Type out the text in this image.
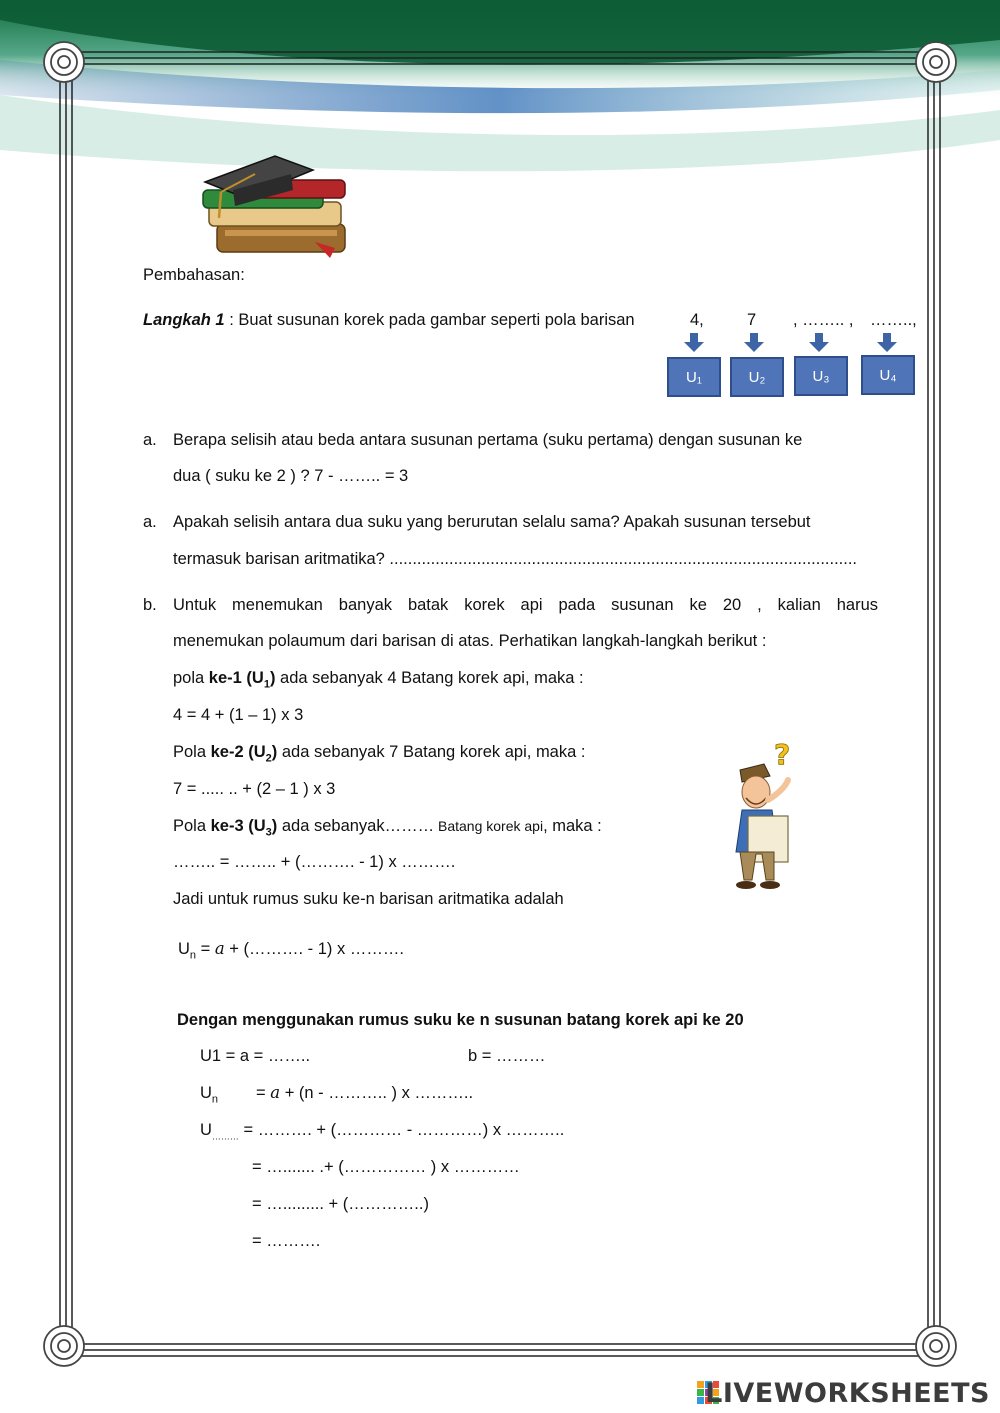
Pembahasan:
Langkah 1 : Buat susunan korek pada gambar seperti pola barisan	4,	7 , …….. , ……..,
U₁	U₂	U₃	U₄
a. Berapa selisih atau beda antara susunan pertama (suku pertama) dengan susunan ke
dua ( suku ke 2 ) ? 7 - …….. = 3
a. Apakah selisih antara dua suku yang berurutan selalu sama? Apakah susunan tersebut
termasuk barisan aritmatika? ......................................................................................................
b. Untuk menemukan banyak batak korek api pada susunan ke 20 , kalian harus
menemukan polaumum dari barisan di atas. Perhatikan langkah-langkah berikut :
pola ke-1 $(U_1)$ ada sebanyak 4 Batang korek api, maka :
4 = 4 + (1 – 1) x 3
Pola ke-2 $(U_2)$ ada sebanyak 7 Batang korek api, maka :
7 = ..... .. + (2 – 1 ) x 3
Pola ke-3 $(U_3)$ ada sebanyak……… Batang korek api, maka :
…….. = …….. + (………. - 1) x ……….
Jadi untuk rumus suku ke-n barisan aritmatika adalah
?
$U_n = a$ + (………. - 1) x ……….
Dengan menggunakan rumus suku ke n susunan batang korek api ke 20
U1 = a = ……..	b = ………
$U_n = a + (n$ - ……….. ) x ………..
$U_{\dots\dots\dots}$ = ………. + (………… - …………) x ………..
= …....... .+ (…………… ) x …………
= …......... + (…………..)
= ……….
LIVEWORKSHEETS
